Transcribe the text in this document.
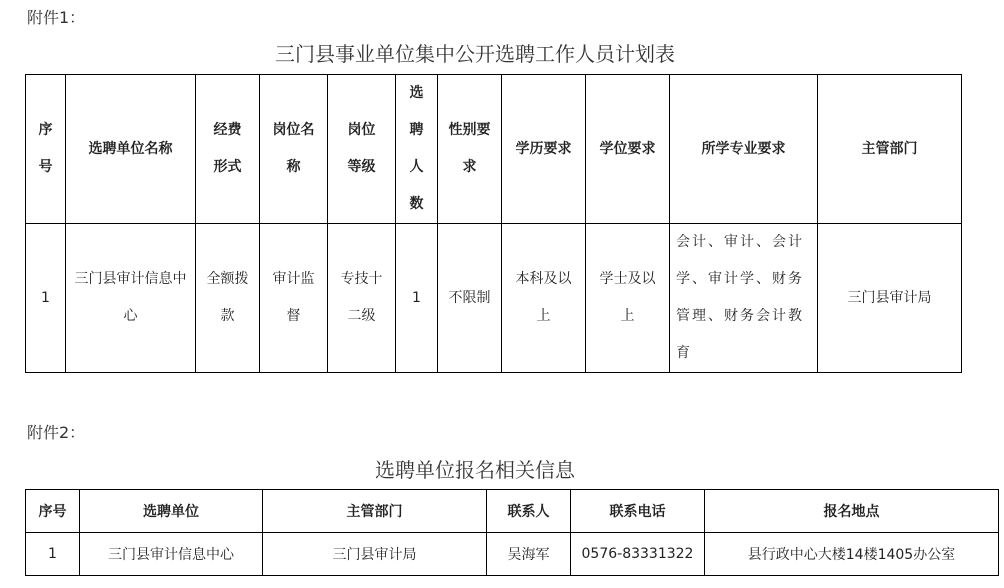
附件1：
三门县事业单位集中公开选聘工作人员计划表
序号	选聘单位名称	经费形式	岗位名称	岗位等级	选聘人数	性别要求	学历要求	学位要求	所学专业要求	主管部门
1	三门县审计信息中心	全额拨款	审计监督	专技十二级	1	不限制	本科及以上	学士及以上	会计、审计、会计学、审计学、财务管理、财务会计教育	三门县审计局
附件2：
选聘单位报名相关信息
序号	选聘单位	主管部门	联系人	联系电话	报名地点
1	三门县审计信息中心	三门县审计局	吴海军	0576-83331322	县行政中心大楼14楼1405办公室
